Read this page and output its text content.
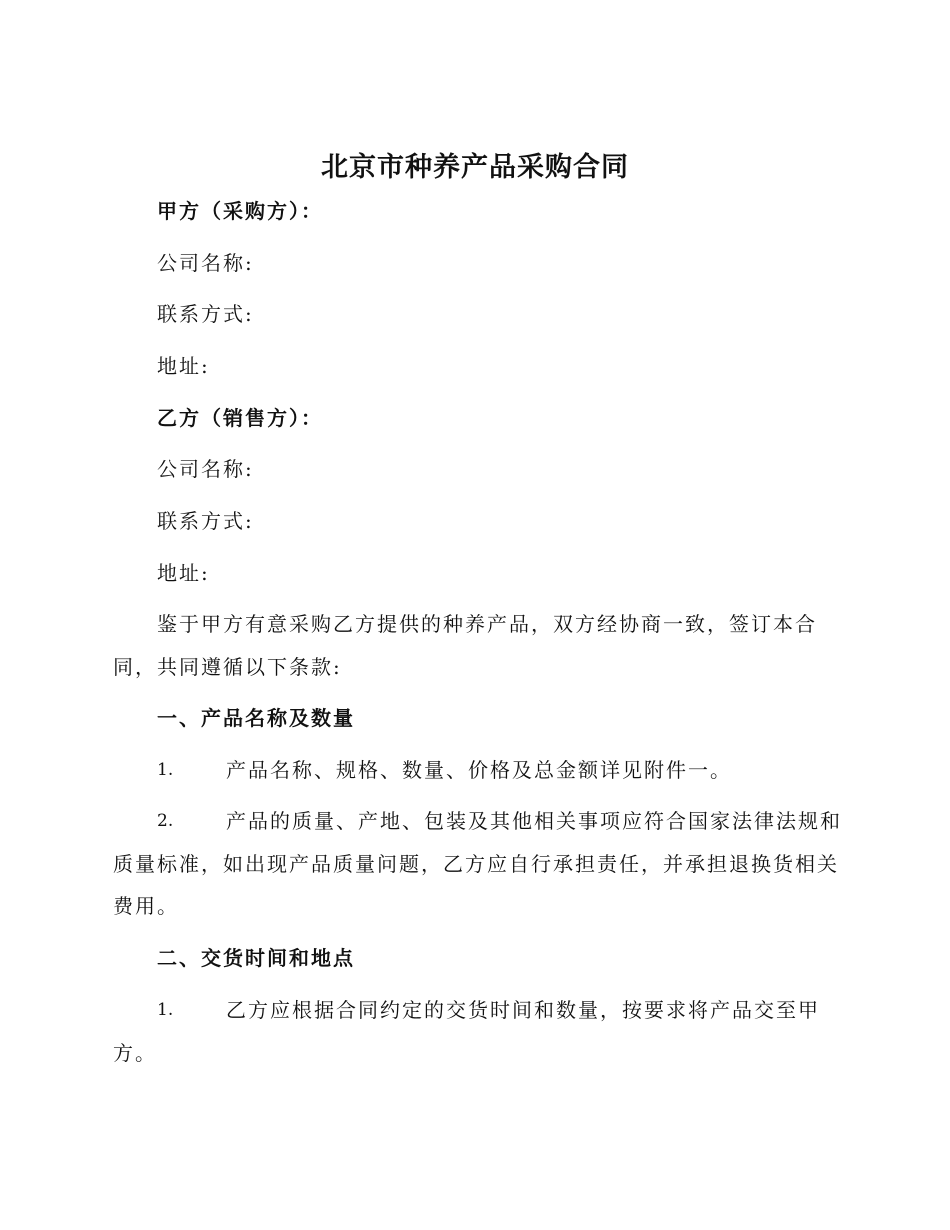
北京市种养产品采购合同
甲方（采购方）：
公司名称:
联系方式:
地址:
乙方（销售方）：
公司名称:
联系方式:
地址:
鉴于甲方有意采购乙方提供的种养产品，双方经协商一致，签订本合
同，共同遵循以下条款:
一、产品名称及数量
1.	产品名称、规格、数量、价格及总金额详见附件一。
2.	产品的质量、产地、包装及其他相关事项应符合国家法律法规和
质量标准，如出现产品质量问题，乙方应自行承担责任，并承担退换货相关
费用。
二、交货时间和地点
1.	乙方应根据合同约定的交货时间和数量，按要求将产品交至甲
方。
